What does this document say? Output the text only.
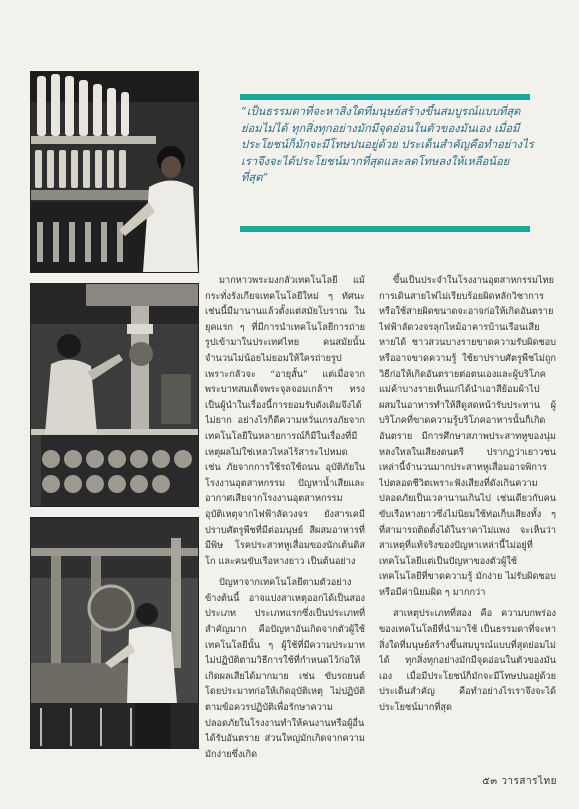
“เป็นธรรมดาที่จะหาสิ่งใดที่มนุษย์สร้างขึ้นสมบูรณ์แบบที่สุดย่อมไม่ได้ ทุกสิ่งทุกอย่างมักมีจุดอ่อนในตัวของมันเอง เมื่อมีประโยชน์ก็มักจะมีโทษปนอยู่ด้วย ประเด็นสำคัญคือทำอย่างไรเราจึงจะได้ประโยชน์มากที่สุดและลดโทษลงให้เหลือน้อยที่สุด”

มากหาวพระมงกลัวเทคโนโลยี แม้กระทั่งรังเกียจเทคโนโลยีใหม่ ๆ ทัศนะเช่นนี้มีมานานแล้วตั้งแต่สมัยโบราณ ในยุคแรก ๆ ที่มีการนำเทคโนโลยีการถ่ายรูปเข้ามาในประเทศไทย คนสมัยนั้นจำนวนไม่น้อยไม่ยอมให้ใครถ่ายรูป เพราะกลัวจะ “อายุสั้น” แต่เมื่อจากพระบาทสมเด็จพระจุลจอมเกล้าฯ ทรงเป็นผู้นำในเรื่องนี้การยอมรับดังเดิมจึงได้ไม่ยาก อย่างไรก็ดีความหวั่นเกรงภัยจากเทคโนโลยีในหลายการณ์ก็มีในเรื่องที่มีเหตุผลไม่ใช่เหลวไหลไร้สาระไปหมด เช่น ภัยจากการใช้รถใช้ถนน อุบัติภัยในโรงงานอุตสาหกรรม ปัญหาน้ำเสียและอากาศเสียจากโรงงานอุตสาหกรรม อุบัติเหตุจากไฟฟ้าลัดวงจร ยังสารเคมีปราบศัตรูพืชที่มีต่อมนุษย์ สีผสมอาหารที่มีพิษ โรคประสาทหูเสื่อมของนักเต้นดิสโก และคนขับเรือหางยาว เป็นต้นอย่าง

ปัญหาจากเทคโนโลยีตามตัวอย่างข้างต้นนี้ อาจแบ่งสาเหตุออกได้เป็นสองประเภท ประเภทแรกซึ่งเป็นประเภทที่สำคัญมาก คือปัญหาอันเกิดจากตัวผู้ใช้เทคโนโลยีนั้น ๆ ผู้ใช้ที่มีความประมาทไม่ปฏิบัติตามวิธีการใช้ที่กำหนดไว้ก่อให้เกิดผลเสียได้มากมาย เช่น ขับรถยนต์โดยประมาทก่อให้เกิดอุบัติเหตุ ไม่ปฏิบัติตามข้อควรปฏิบัติเพื่อรักษาความปลอดภัยในโรงงานทำให้คนงานหรือผู้อื่นได้รับอันตราย ส่วนใหญ่มักเกิดจากความมักง่ายซึ่งเกิด

ขึ้นเป็นประจำในโรงงานอุตสาหกรรมไทย การเดินสายไฟไม่เรียบร้อยผิดหลักวิชาการหรือใช้สายผิดขนาดจะอาจก่อให้เกิดอันตรายไฟฟ้าลัดวงจรลุกไหม้อาคารบ้านเรือนเสียหายได้ ชาวสวนบางรายขาดความรับผิดชอบหรืออาจขาดความรู้ ใช้ยาปราบศัตรูพืชไม่ถูกวิธีก่อให้เกิดอันตรายต่อตนเองและผู้บริโภค แม่ค้าบางรายเห็นแก่ได้นำเอาสีย้อมผ้าไปผสมในอาหารทำให้สีดูสดหน้ารับประทาน ผู้บริโภคที่ขาดความรู้บริโภคอาหารนั้นก็เกิดอันตราย มีการศึกษาสภาพประสาทหูของนุ่มหลงใหลในเสียงดนตรี ปรากฏว่าเยาวชนเหล่านี้จำนวนมากประสาทหูเสื่อมอาจพิการไปตลอดชีวิตเพราะฟังเสียงที่ดังเกินความปลอดภัยเป็นเวลานานเกินไป เช่นเดียวกับคนขับเรือหางยาวซึ่งไม่นิยมใช้ท่อเก็บเสียงทั้ง ๆ ที่สามารถติดตั้งได้ในราคาไม่แพง จะเห็นว่าสาเหตุที่แท้จริงของปัญหาเหล่านี้ไม่อยู่ที่เทคโนโลยีแต่เป็นปัญหาของตัวผู้ใช้เทคโนโลยีที่ขาดความรู้ มักง่าย ไม่รับผิดชอบ หรือมีค่านิยมผิด ๆ มากกว่า

สาเหตุประเภทที่สอง คือ ความบกพร่องของเทคโนโลยีที่นำมาใช้ เป็นธรรมดาที่จะหาสิ่งใดที่มนุษย์สร้างขึ้นสมบูรณ์แบบที่สุดย่อมไม่ได้ ทุกสิ่งทุกอย่างมักมีจุดอ่อนในตัวของมันเอง เมื่อมีประโยชน์ก็มักจะมีโทษปนอยู่ด้วย ประเด็นสำคัญ คือทำอย่างไรเราจึงจะได้ประโยชน์มากที่สุด

๕๓ วารสารไทย
